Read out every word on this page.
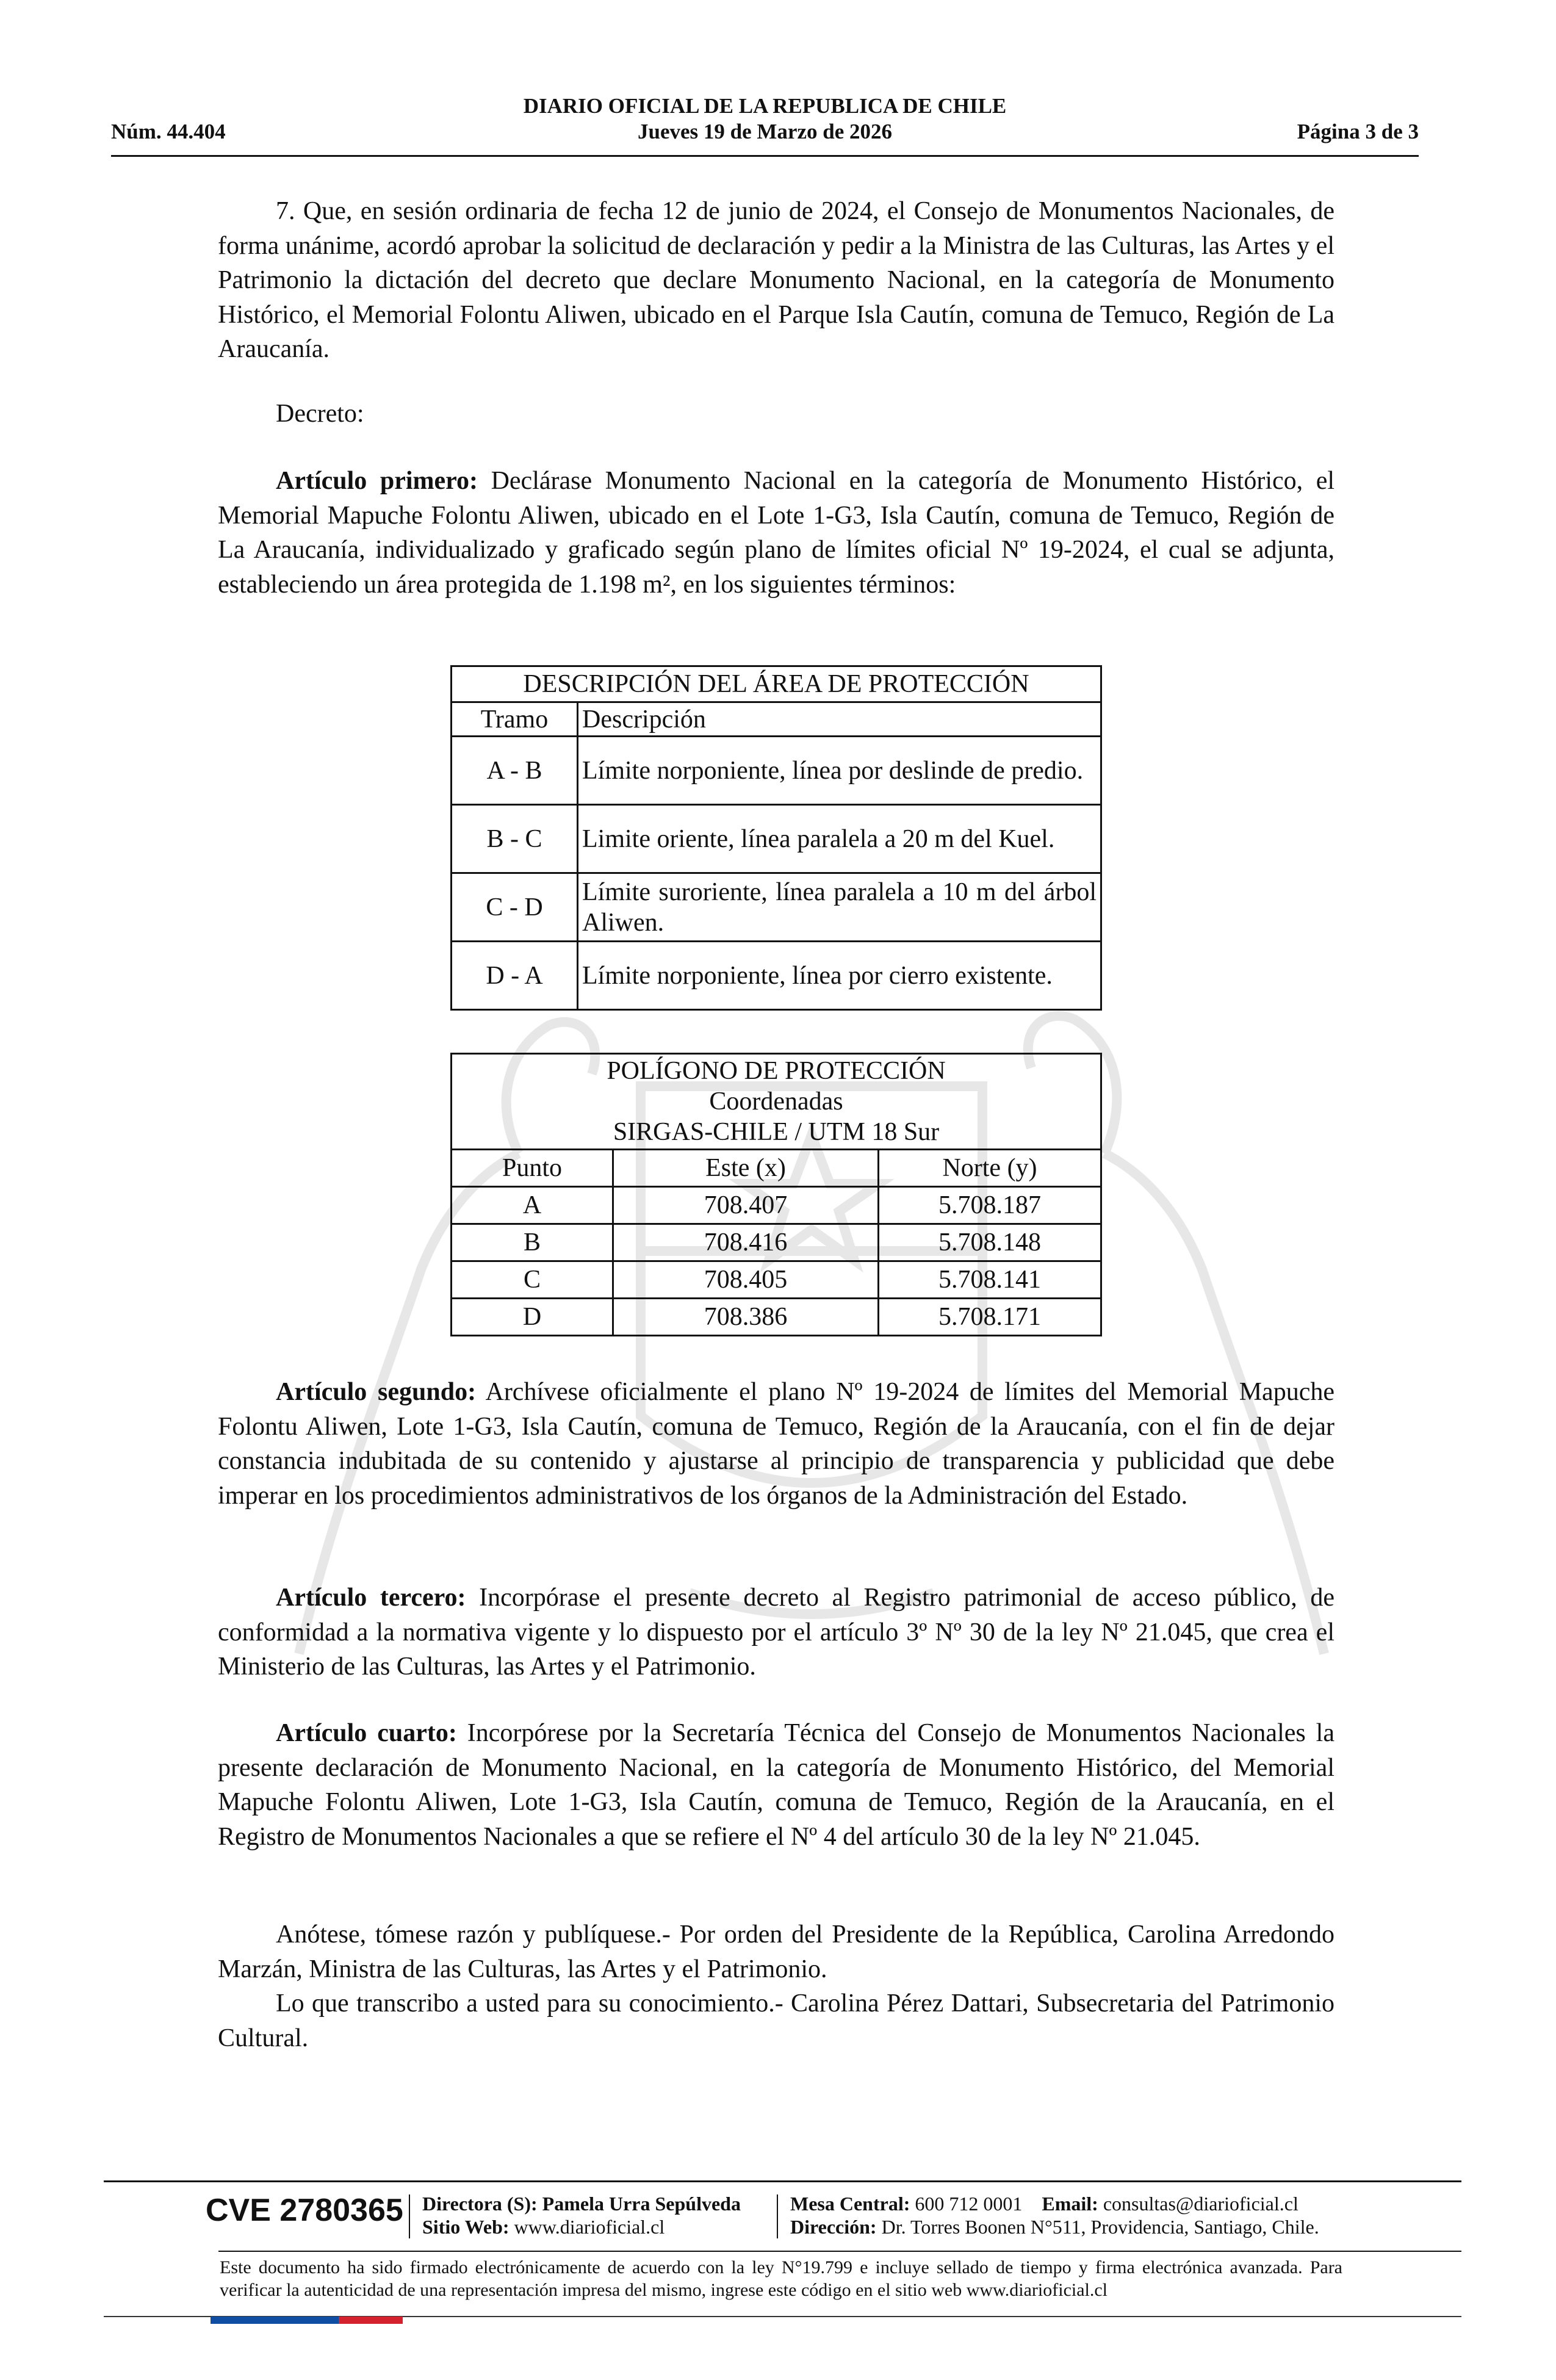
DIARIO OFICIAL DE LA REPUBLICA DE CHILE
Núm. 44.404	Jueves 19 de Marzo de 2026	Página 3 de 3

7. Que, en sesión ordinaria de fecha 12 de junio de 2024, el Consejo de Monumentos Nacionales, de forma unánime, acordó aprobar la solicitud de declaración y pedir a la Ministra de las Culturas, las Artes y el Patrimonio la dictación del decreto que declare Monumento Nacional, en la categoría de Monumento Histórico, el Memorial Folontu Aliwen, ubicado en el Parque Isla Cautín, comuna de Temuco, Región de La Araucanía.

Decreto:

Artículo primero: Declárase Monumento Nacional en la categoría de Monumento Histórico, el Memorial Mapuche Folontu Aliwen, ubicado en el Lote 1-G3, Isla Cautín, comuna de Temuco, Región de La Araucanía, individualizado y graficado según plano de límites oficial Nº 19-2024, el cual se adjunta, estableciendo un área protegida de 1.198 m², en los siguientes términos:

DESCRIPCIÓN DEL ÁREA DE PROTECCIÓN	
Tramo	Descripción
A - B	Límite norponiente, línea por deslinde de predio.
B - C	Limite oriente, línea paralela a 20 m del Kuel.
C - D	Límite suroriente, línea paralela a 10 m del árbol Aliwen.
D - A	Límite norponiente, línea por cierro existente.
POLÍGONO DE PROTECCIÓN
Coordenadas
SIRGAS-CHILE / UTM 18 Sur		

Punto	Este (x)	Norte (y)
A	708.407	5.708.187
B	708.416	5.708.148
C	708.405	5.708.141
D	708.386	5.708.171

Artículo segundo: Archívese oficialmente el plano Nº 19-2024 de límites del Memorial Mapuche Folontu Aliwen, Lote 1-G3, Isla Cautín, comuna de Temuco, Región de la Araucanía, con el fin de dejar constancia indubitada de su contenido y ajustarse al principio de transparencia y publicidad que debe imperar en los procedimientos administrativos de los órganos de la Administración del Estado.

Artículo tercero: Incorpórase el presente decreto al Registro patrimonial de acceso público, de conformidad a la normativa vigente y lo dispuesto por el artículo 3º Nº 30 de la ley Nº 21.045, que crea el Ministerio de las Culturas, las Artes y el Patrimonio.

Artículo cuarto: Incorpórese por la Secretaría Técnica del Consejo de Monumentos Nacionales la presente declaración de Monumento Nacional, en la categoría de Monumento Histórico, del Memorial Mapuche Folontu Aliwen, Lote 1-G3, Isla Cautín, comuna de Temuco, Región de la Araucanía, en el Registro de Monumentos Nacionales a que se refiere el Nº 4 del artículo 30 de la ley Nº 21.045.

Anótese, tómese razón y publíquese.- Por orden del Presidente de la República, Carolina Arredondo Marzán, Ministra de las Culturas, las Artes y el Patrimonio.

Lo que transcribo a usted para su conocimiento.- Carolina Pérez Dattari, Subsecretaria del Patrimonio Cultural.

CVE 2780365 Directora (S): Pamela Urra Sepúlveda
Sitio Web: www.diarioficial.cl
Mesa Central: 600 712 0001 Email: consultas@diarioficial.cl
Dirección: Dr. Torres Boonen N°511, Providencia, Santiago, Chile.
Este documento ha sido firmado electrónicamente de acuerdo con la ley N°19.799 e incluye sellado de tiempo y firma electrónica avanzada. Para verificar la autenticidad de una representación impresa del mismo, ingrese este código en el sitio web www.diarioficial.cl
